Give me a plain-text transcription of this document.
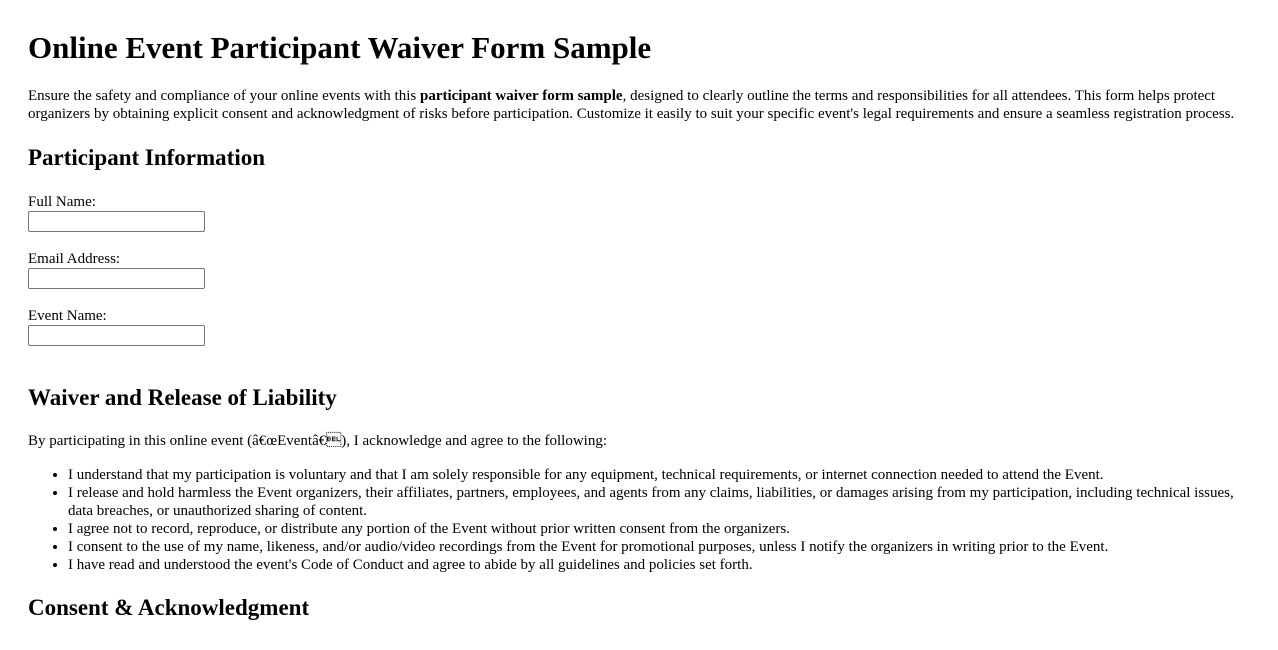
Online Event Participant Waiver Form Sample

Ensure the safety and compliance of your online events with this participant waiver form sample, designed to clearly outline the terms and responsibilities for all attendees. This form helps protect organizers by obtaining explicit consent and acknowledgment of risks before participation. Customize it easily to suit your specific event's legal requirements and ensure a seamless registration process.

Participant Information
Full Name:
Email Address:
Event Name:
Waiver and Release of Liability

By participating in this online event (â€œEventâ€), I acknowledge and agree to the following:

• I understand that my participation is voluntary and that I am solely responsible for any equipment, technical requirements, or internet connection needed to attend the Event.
• I release and hold harmless the Event organizers, their affiliates, partners, employees, and agents from any claims, liabilities, or damages arising from my participation, including technical issues, data breaches, or unauthorized sharing of content.
• I agree not to record, reproduce, or distribute any portion of the Event without prior written consent from the organizers.
• I consent to the use of my name, likeness, and/or audio/video recordings from the Event for promotional purposes, unless I notify the organizers in writing prior to the Event.
• I have read and understood the event's Code of Conduct and agree to abide by all guidelines and policies set forth.
Consent & Acknowledgment
